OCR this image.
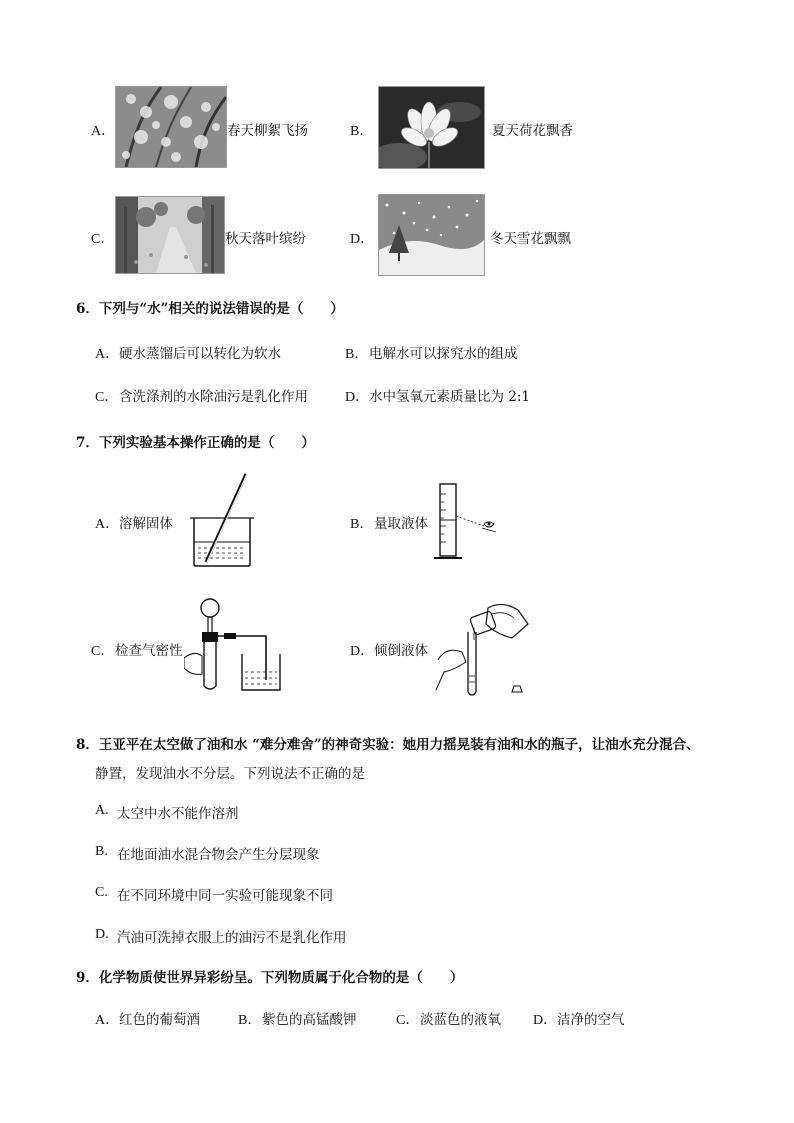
A．	春天柳絮飞扬	B．	夏天荷花飘香
C．	秋天落叶缤纷	D．	冬天雪花飘飘
6．下列与“水”相关的说法错误的是（　　）
A． 硬水蒸馏后可以转化为软水	B． 电解水可以探究水的组成
C． 含洗涤剂的水除油污是乳化作用	D． 水中氢氧元素质量比为 2:1
7．下列实验基本操作正确的是（　　）
A． 溶解固体	B． 量取液体
C． 检查气密性	D． 倾倒液体
8．王亚平在太空做了油和水 “难分难舍”的神奇实验：她用力摇晃装有油和水的瓶子，让油水充分混合、
静置，发现油水不分层。下列说法不正确的是
A. 太空中水不能作溶剂
B. 在地面油水混合物会产生分层现象
C. 在不同环境中同一实验可能现象不同
D. 汽油可洗掉衣服上的油污不是乳化作用
9．化学物质使世界异彩纷呈。下列物质属于化合物的是（　　）
A． 红色的葡萄酒	B． 紫色的高锰酸钾	C． 淡蓝色的液氧 D． 洁净的空气
